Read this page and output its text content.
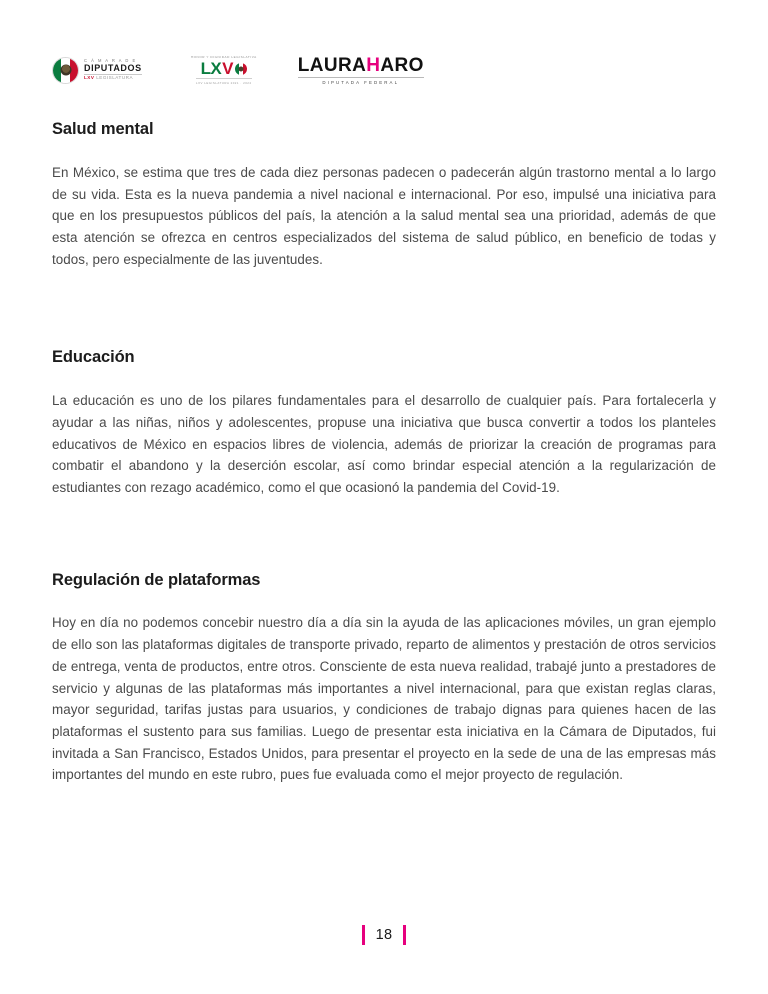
C Á M A R A D E
DIPUTADOS
LXV LEGISLATURA
HONOR Y DIGNIDAD LEGISLATIVA
LX V
LXV LEGISLATURA 2021 · 2024
LAURAHARO
DIPUTADA FEDERAL
Salud mental

En México, se estima que tres de cada diez personas padecen o padecerán algún trastorno mental a lo largo de su vida. Esta es la nueva pandemia a nivel nacional e internacional. Por eso, impulsé una iniciativa para que en los presupuestos públicos del país, la atención a la salud mental sea una prioridad, además de que esta atención se ofrezca en centros especializados del sistema de salud público, en beneficio de todas y todos, pero especialmente de las juventudes.

Educación

La educación es uno de los pilares fundamentales para el desarrollo de cualquier país. Para fortalecerla y ayudar a las niñas, niños y adolescentes, propuse una iniciativa que busca convertir a todos los planteles educativos de México en espacios libres de violencia, además de priorizar la creación de programas para combatir el abandono y la deserción escolar, así como brindar especial atención a la regularización de estudiantes con rezago académico, como el que ocasionó la pandemia del Covid-19.

Regulación de plataformas

Hoy en día no podemos concebir nuestro día a día sin la ayuda de las aplicaciones móviles, un gran ejemplo de ello son las plataformas digitales de transporte privado, reparto de alimentos y prestación de otros servicios de entrega, venta de productos, entre otros. Consciente de esta nueva realidad, trabajé junto a prestadores de servicio y algunas de las plataformas más importantes a nivel internacional, para que existan reglas claras, mayor seguridad, tarifas justas para usuarios, y condiciones de trabajo dignas para quienes hacen de las plataformas el sustento para sus familias. Luego de presentar esta iniciativa en la Cámara de Diputados, fui invitada a San Francisco, Estados Unidos, para presentar el proyecto en la sede de una de las empresas más importantes del mundo en este rubro, pues fue evaluada como el mejor proyecto de regulación.

18
